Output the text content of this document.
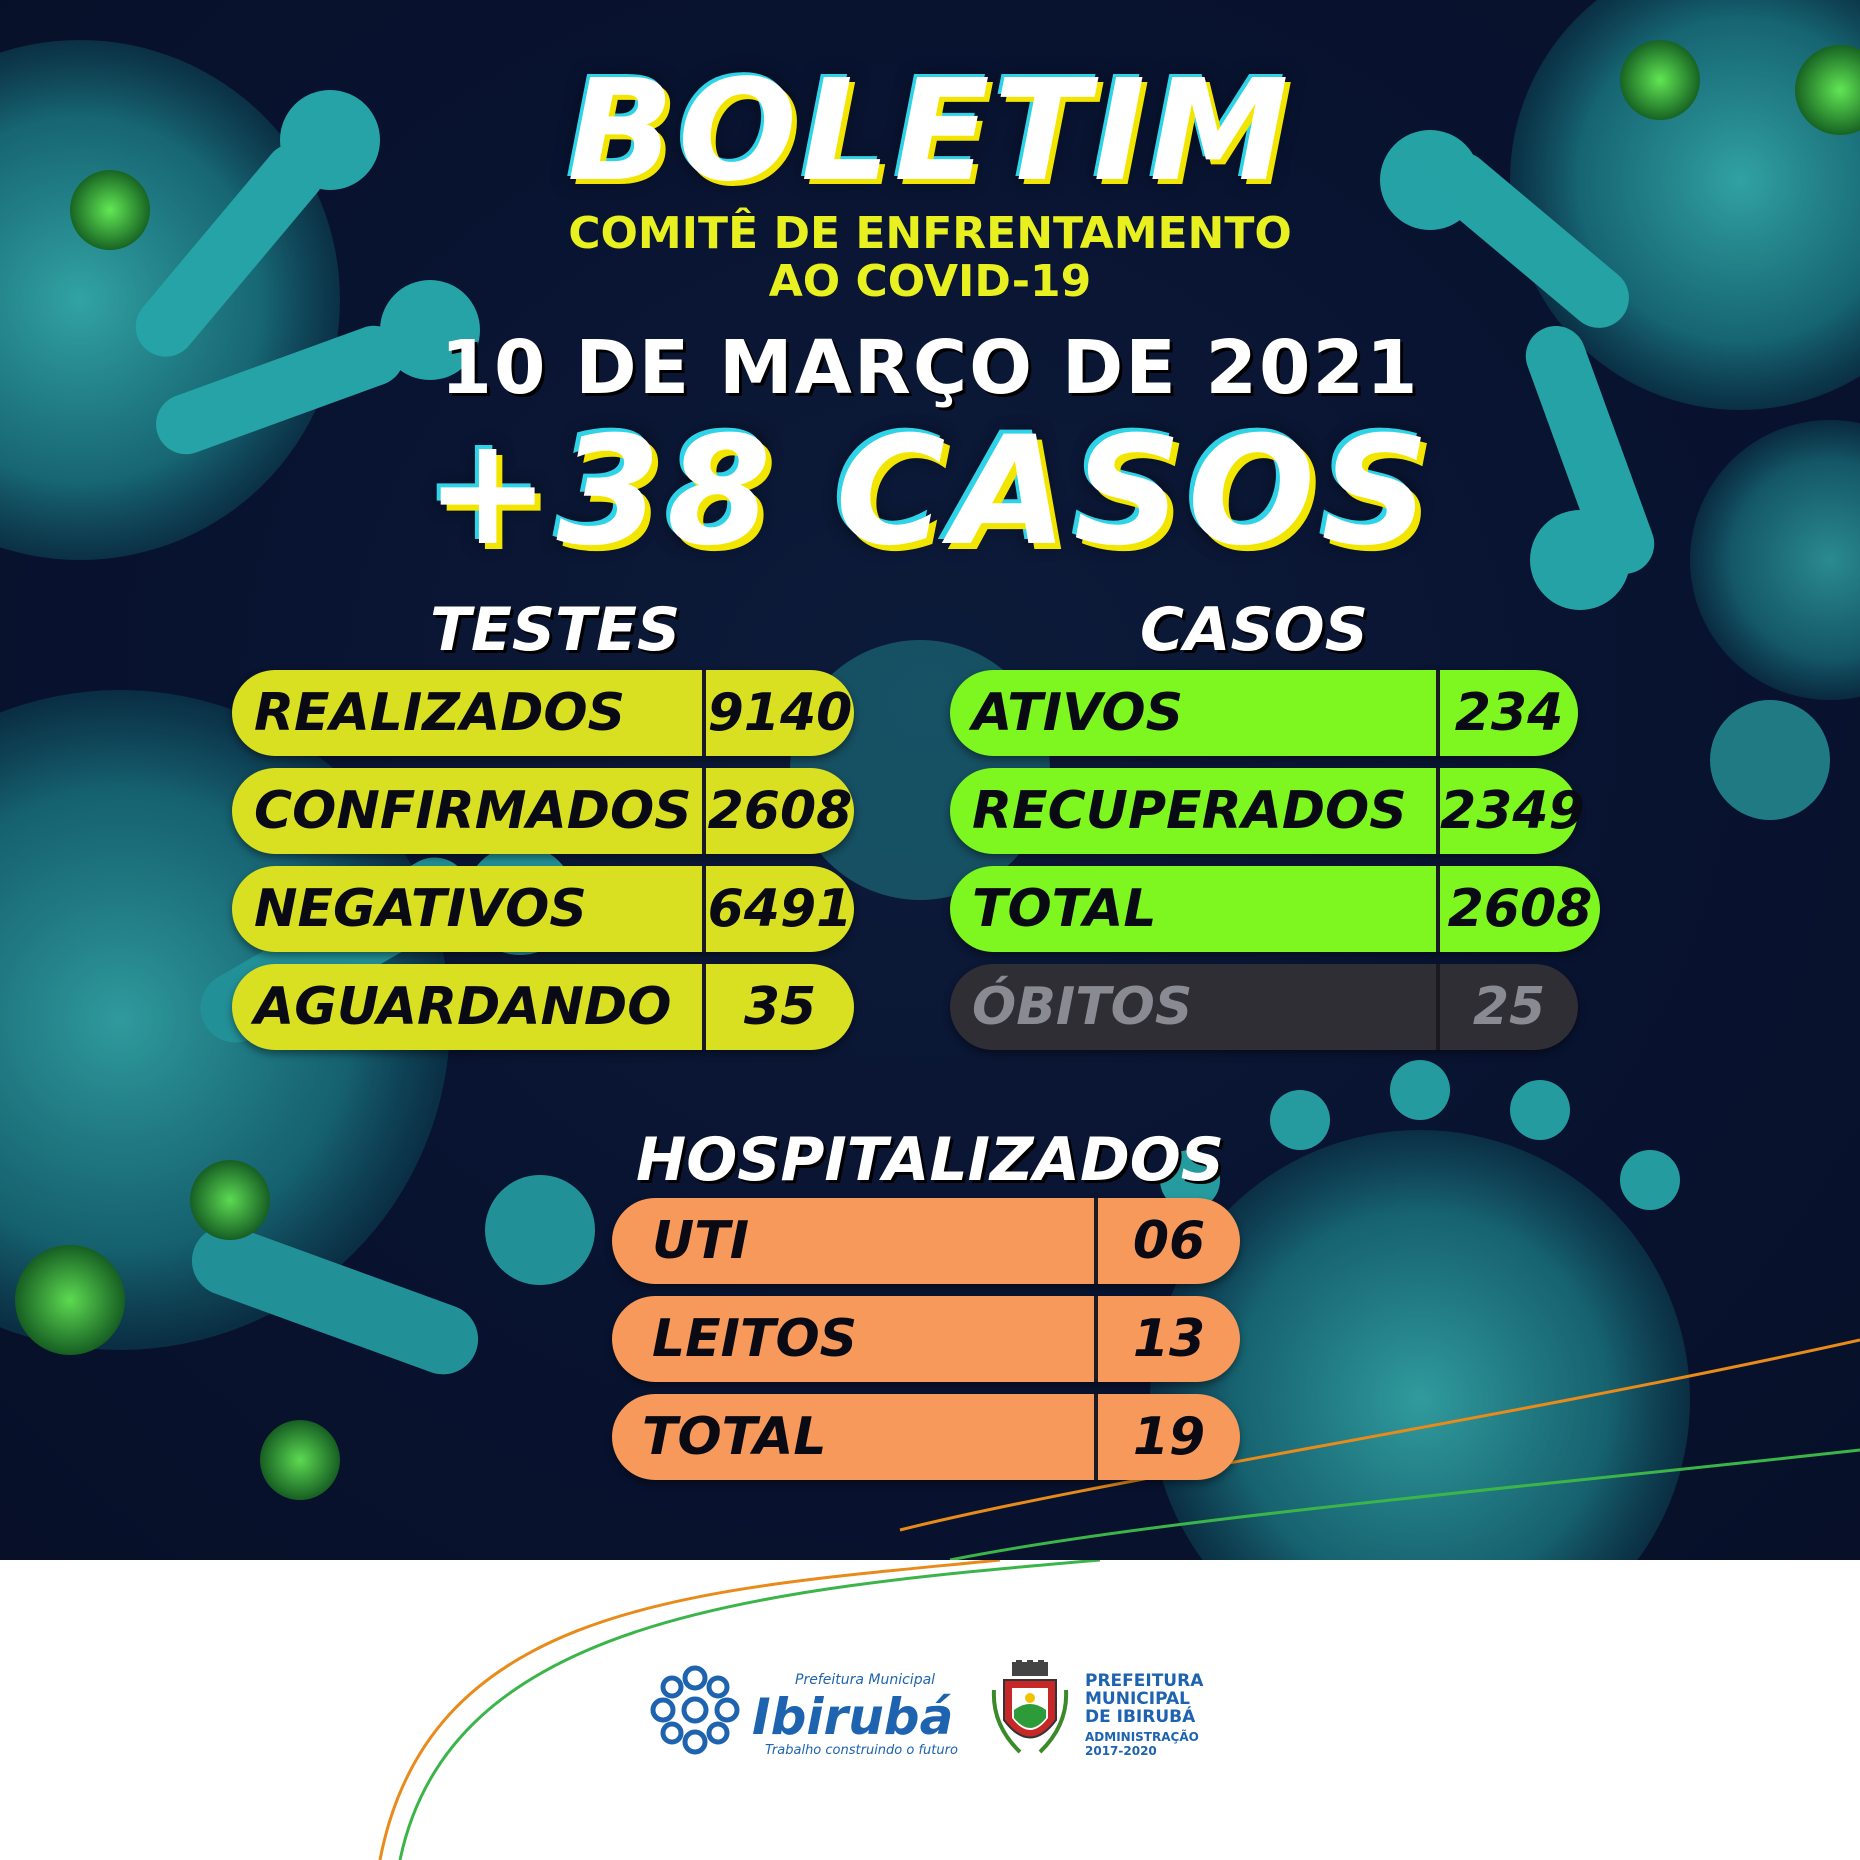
BOLETIM
COMITÊ DE ENFRENTAMENTO
AO COVID-19
10 DE MARÇO DE 2021
+38 CASOS
TESTES
REALIZADOS 9140
CONFIRMADOS 2608
NEGATIVOS 6491
AGUARDANDO	35
CASOS
ATIVOS	234
RECUPERADOS 2349
TOTAL	2608
ÓBITOS	25
HOSPITALIZADOS
UTI	06
LEITOS	13
TOTAL	19
Prefeitura Municipal
Ibirubá
Trabalho construindo o futuro
PREFEITURA
MUNICIPAL
DE IBIRUBÁ
ADMINISTRAÇÃO
2017-2020
